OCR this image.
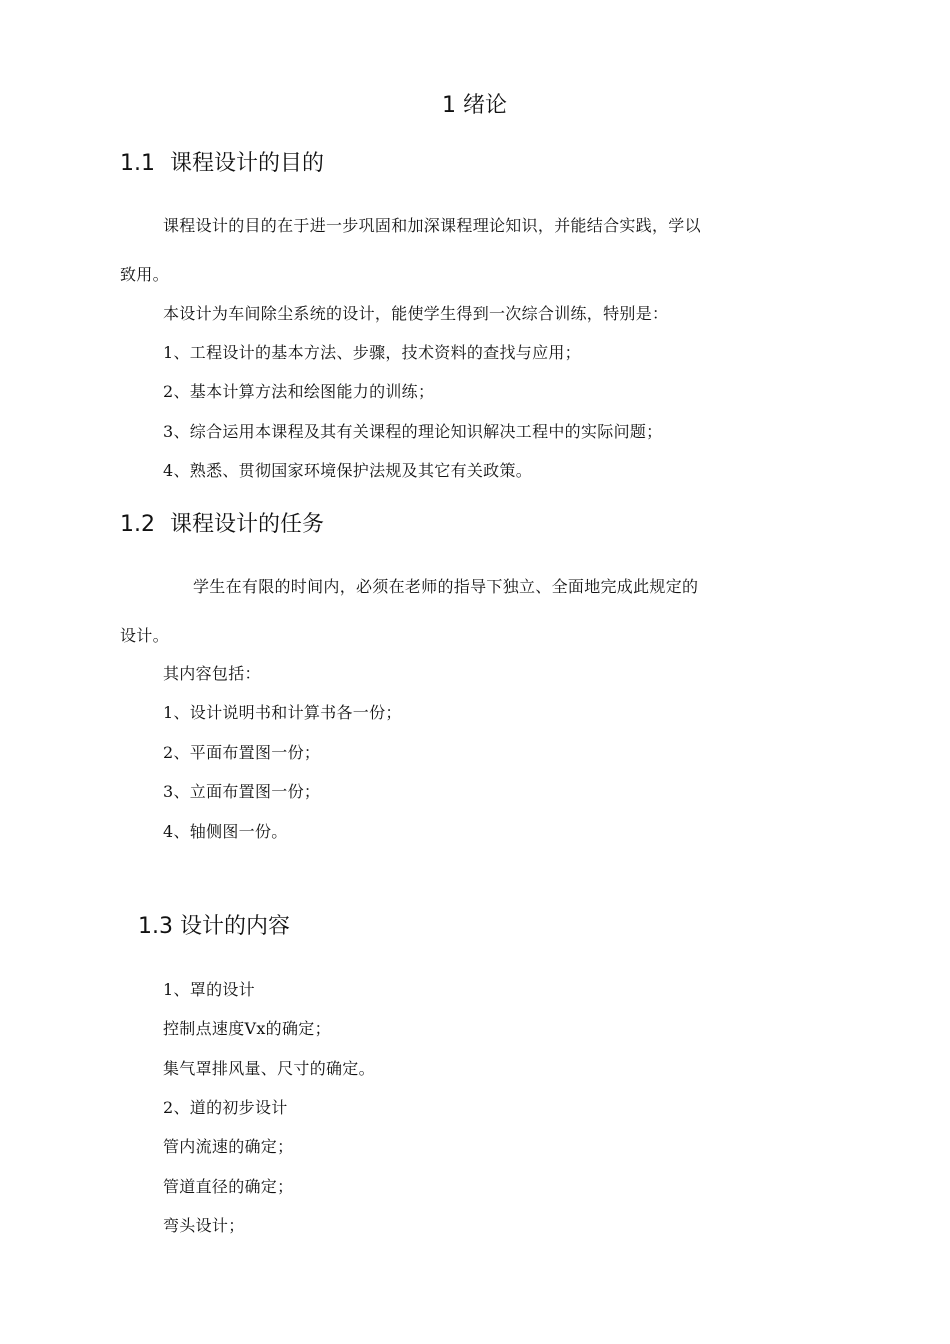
1 绪论
1.1 课程设计的目的
课程设计的目的在于进一步巩固和加深课程理论知识，并能结合实践，学以
致用。
本设计为车间除尘系统的设计，能使学生得到一次综合训练，特别是：
1、工程设计的基本方法、步骤，技术资料的查找与应用；
2、基本计算方法和绘图能力的训练；
3、综合运用本课程及其有关课程的理论知识解决工程中的实际问题；
4、熟悉、贯彻国家环境保护法规及其它有关政策。
1.2 课程设计的任务
学生在有限的时间内，必须在老师的指导下独立、全面地完成此规定的
设计。
其内容包括：
1、设计说明书和计算书各一份；
2、平面布置图一份；
3、立面布置图一份；
4、轴侧图一份。
1.3 设计的内容
1、罩的设计
控制点速度Vx的确定；
集气罩排风量、尺寸的确定。
2、道的初步设计
管内流速的确定；
管道直径的确定；
弯头设计；
